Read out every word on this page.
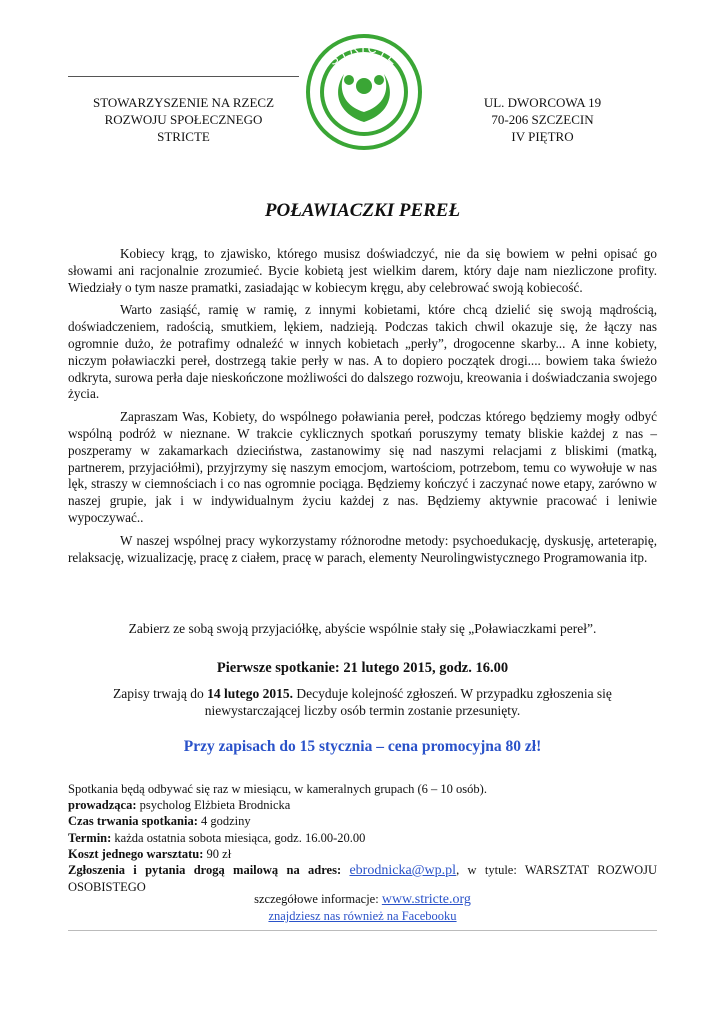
STOWARZYSZENIE NA RZECZ
ROZWOJU SPOŁECZNEGO
STRICTE
STRICTE
UL. DWORCOWA 19
70-206 SZCZECIN
IV PIĘTRO
POŁAWIACZKI PEREŁ

Kobiecy krąg, to zjawisko, którego musisz doświadczyć, nie da się bowiem w pełni opisać go słowami ani racjonalnie zrozumieć. Bycie kobietą jest wielkim darem, który daje nam niezliczone profity. Wiedziały o tym nasze pramatki, zasiadając w kobiecym kręgu, aby celebrować swoją kobiecość.

Warto zasiąść, ramię w ramię, z innymi kobietami, które chcą dzielić się swoją mądrością, doświadczeniem, radością, smutkiem, lękiem, nadzieją. Podczas takich chwil okazuje się, że łączy nas ogromnie dużo, że potrafimy odnaleźć w innych kobietach „perły”, drogocenne skarby... A inne kobiety, niczym poławiaczki pereł, dostrzegą takie perły w nas. A to dopiero początek drogi.... bowiem taka świeżo odkryta, surowa perła daje nieskończone możliwości do dalszego rozwoju, kreowania i doświadczania swojego życia.

Zapraszam Was, Kobiety, do wspólnego poławiania pereł, podczas którego będziemy mogły odbyć wspólną podróż w nieznane. W trakcie cyklicznych spotkań poruszymy tematy bliskie każdej z nas – poszperamy w zakamarkach dzieciństwa, zastanowimy się nad naszymi relacjami z bliskimi (matką, partnerem, przyjaciółmi), przyjrzymy się naszym emocjom, wartościom, potrzebom, temu co wywołuje w nas lęk, straszy w ciemnościach i co nas ogromnie pociąga. Będziemy kończyć i zaczynać nowe etapy, zarówno w naszej grupie, jak i w indywidualnym życiu każdej z nas. Będziemy aktywnie pracować i leniwie wypoczywać..

W naszej wspólnej pracy wykorzystamy różnorodne metody: psychoedukację, dyskusję, arteterapię, relaksację, wizualizację, pracę z ciałem, pracę w parach, elementy Neurolingwistycznego Programowania itp.

Zabierz ze sobą swoją przyjaciółkę, abyście wspólnie stały się „Poławiaczkami pereł”.
Pierwsze spotkanie: 21 lutego 2015, godz. 16.00
Zapisy trwają do 14 lutego 2015. Decyduje kolejność zgłoszeń. W przypadku zgłoszenia się niewystarczającej liczby osób termin zostanie przesunięty.
Przy zapisach do 15 stycznia – cena promocyjna 80 zł!
Spotkania będą odbywać się raz w miesiącu, w kameralnych grupach (6 – 10 osób).
prowadząca: psycholog Elżbieta Brodnicka
Czas trwania spotkania: 4 godziny
Termin: każda ostatnia sobota miesiąca, godz. 16.00-20.00
Koszt jednego warsztatu: 90 zł
Zgłoszenia i pytania drogą mailową na adres: ebrodnicka@wp.pl, w tytule: WARSZTAT ROZWOJU OSOBISTEGO
szczegółowe informacje: www.stricte.org
znajdziesz nas również na Facebooku
